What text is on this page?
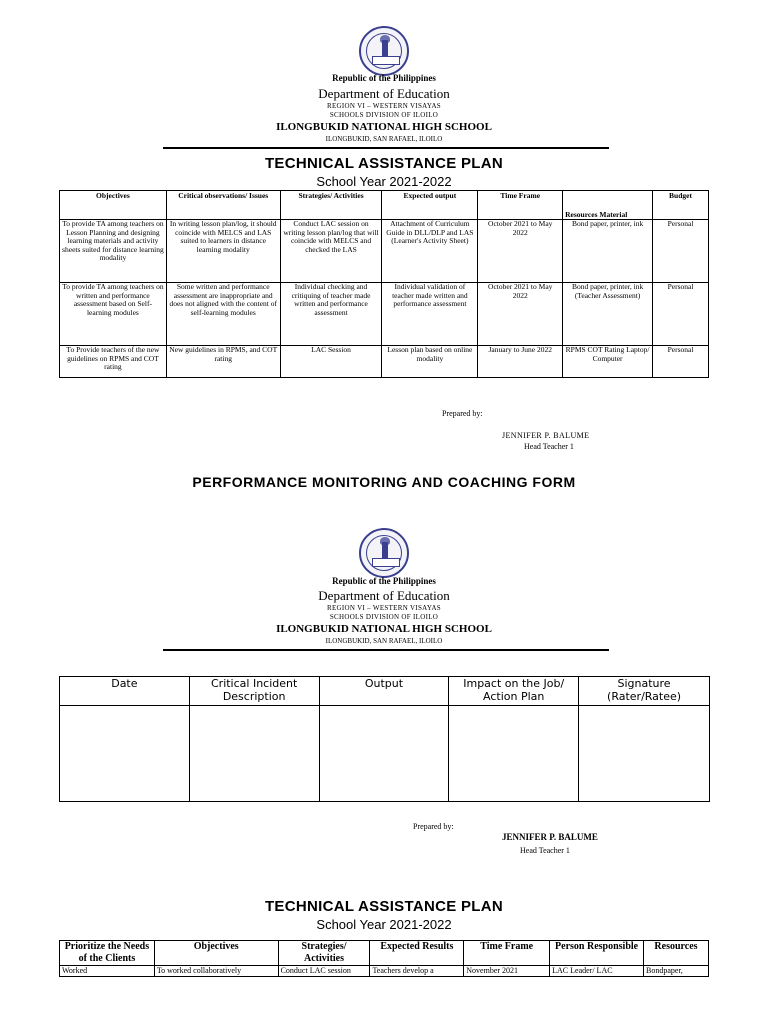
Republic of the Philippines
Department of Education
REGION VI – WESTERN VISAYAS
SCHOOLS DIVISION OF ILOILO
ILONGBUKID NATIONAL HIGH SCHOOL
ILONGBUKID, SAN RAFAEL, ILOILO
TECHNICAL ASSISTANCE PLAN
School Year 2021-2022
Objectives	Critical observations/ Issues	Strategies/ Activities	Expected output	Time Frame	Resources Material	Budget
To provide TA among teachers on Lesson Planning and designing learning materials and activity sheets suited for distance learning modality	In writing lesson plan/log, it should coincide with MELCS and LAS suited to learners in distance learning modality	Conduct LAC session on writing lesson plan/log that will coincide with MELCS and checked the LAS	Attachment of Curriculum Guide in DLL/DLP and LAS (Learner's Activity Sheet)	October 2021 to May 2022	Bond paper, printer, ink	Personal
To provide TA among teachers on written and performance assessment based on Self-learning modules	Some written and performance assessment are inappropriate and does not aligned with the content of self-learning modules	Individual checking and critiquing of teacher made written and performance assessment	Individual validation of teacher made written and performance assessment	October 2021 to May 2022	Bond paper, printer, ink (Teacher Assessment)	Personal
To Provide teachers of the new guidelines on RPMS and COT rating	New guidelines in RPMS, and COT rating	LAC Session	Lesson plan based on online modality	January to June 2022	RPMS COT Rating Laptop/ Computer	Personal
Prepared by:
JENNIFER P. BALUME
Head Teacher 1
PERFORMANCE MONITORING AND COACHING FORM
Republic of the Philippines
Department of Education
REGION VI – WESTERN VISAYAS
SCHOOLS DIVISION OF ILOILO
ILONGBUKID NATIONAL HIGH SCHOOL
ILONGBUKID, SAN RAFAEL, ILOILO
Date	Critical Incident Description	Output	Impact on the Job/ Action Plan	Signature (Rater/Ratee)

Prepared by:
JENNIFER P. BALUME
Head Teacher 1
TECHNICAL ASSISTANCE PLAN
School Year 2021-2022
Prioritize the Needs of the Clients	Objectives	Strategies/ Activities	Expected Results	Time Frame	Person Responsible	Resources
Worked	To worked collaboratively	Conduct LAC session	Teachers develop a	November 2021	LAC Leader/ LAC	Bondpaper,
